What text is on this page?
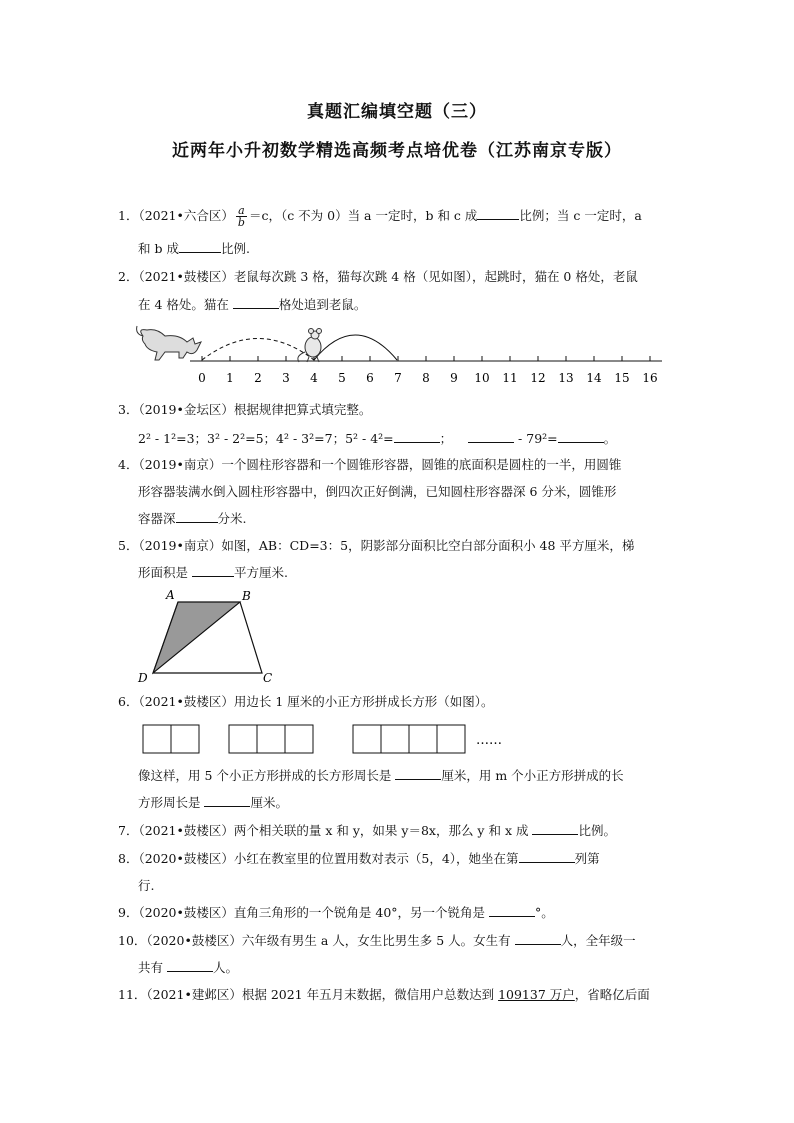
真题汇编填空题（三）
近两年小升初数学精选高频考点培优卷（江苏南京专版）
1．（2021•六合区） $\frac{a}{b} =c$，（c 不为 0）当 a 一定时，b 和 c 成	比例；当 c 一定时，a
和 b 成	比例.
2．（2021•鼓楼区）老鼠每次跳 3 格，猫每次跳 4 格（见如图），起跳时，猫在 0 格处，老鼠
在 4 格处。猫在	格处追到老鼠。
0 1 2 3 4 5 6 7 8 9 10 11 12 13 14 15 16
3．（2019•金坛区）根据规律把算式填完整。
2² - 1²=3；3² - 2²=5；4² - 3²=7；5² - 4²=	；	- 79²=	。
4．（2019•南京）一个圆柱形容器和一个圆锥形容器，圆锥的底面积是圆柱的一半，用圆锥
形容器装满水倒入圆柱形容器中，倒四次正好倒满，已知圆柱形容器深 6 分米，圆锥形
容器深	分米.
5．（2019•南京）如图，AB：CD=3：5，阴影部分面积比空白部分面积小 48 平方厘米，梯
形面积是	平方厘米.
A	B
C
D
6．（2021•鼓楼区）用边长 1 厘米的小正方形拼成长方形（如图）。
……
像这样，用 5 个小正方形拼成的长方形周长是	厘米，用 m 个小正方形拼成的长
方形周长是	厘米。
7．（2021•鼓楼区）两个相关联的量 x 和 y，如果 y＝8x，那么 y 和 x 成	比例。
8．（2020•鼓楼区）小红在教室里的位置用数对表示（5，4），她坐在第	列第
行.
9．（2020•鼓楼区）直角三角形的一个锐角是 40°，另一个锐角是	°。
10．（2020•鼓楼区）六年级有男生 a 人，女生比男生多 5 人。女生有	人，全年级一
共有	人。
11．（2021•建邺区）根据 2021 年五月末数据，微信用户总数达到 109137 万户，省略亿后面
